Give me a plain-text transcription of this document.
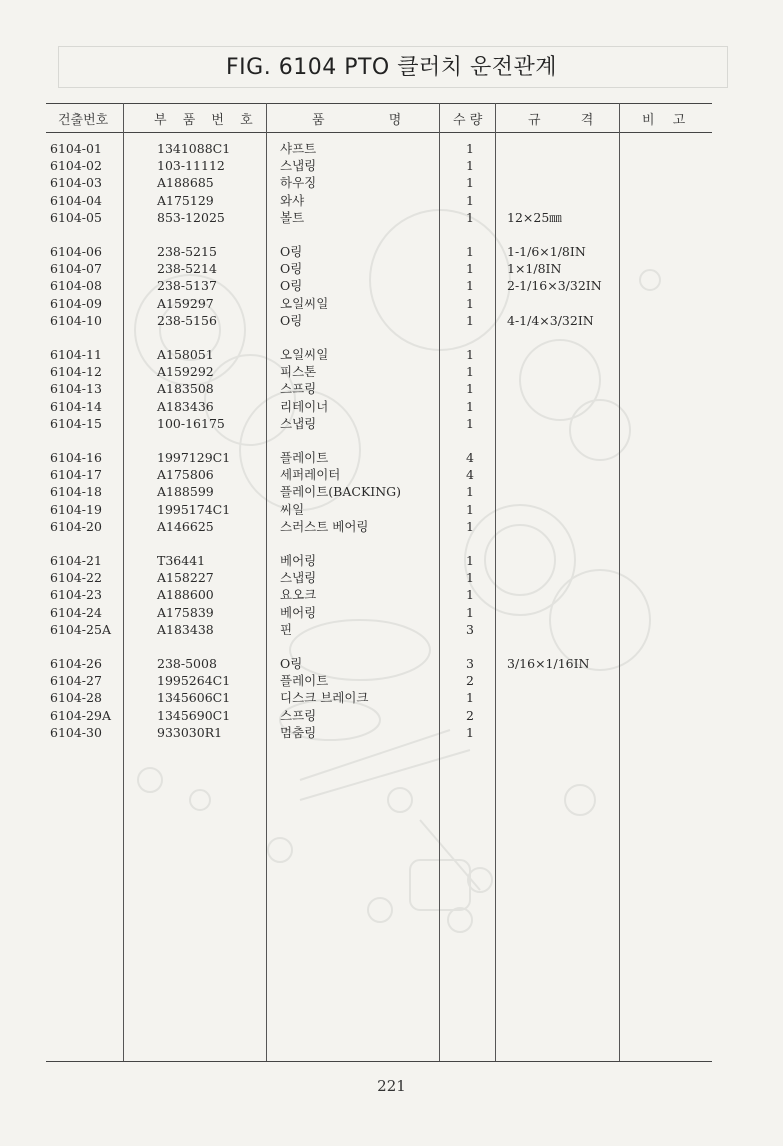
FIG. 6104 PTO 클러치 운전관계
건출번호	부 품 번 호	품 명	수 량	규 격	비 고
6104-01	1341088C1	샤프트	1
6104-02	103-11112	스냅링	1
6104-03	A188685	하우징	1
6104-04	A175129	와샤	1
6104-05	853-12025	볼트	1	12×25㎜
6104-06	238-5215	O링	1	1-1/6×1/8IN
6104-07	238-5214	O링	1	1×1/8IN
6104-08	238-5137	O링	1	2-1/16×3/32IN
6104-09	A159297	오일씨일	1
6104-10	238-5156	O링	1	4-1/4×3/32IN
6104-11	A158051	오일씨일	1
6104-12	A159292	피스톤	1
6104-13	A183508	스프링	1
6104-14	A183436	리테이너	1
6104-15	100-16175	스냅링	1
6104-16	1997129C1	플레이트	4
6104-17	A175806	세퍼레이터	4
6104-18	A188599	플레이트(BACKING)	1
6104-19	1995174C1	씨일	1
6104-20	A146625	스러스트 베어링	1
6104-21	T36441	베어링	1
6104-22	A158227	스냅링	1
6104-23	A188600	요오크	1
6104-24	A175839	베어링	1
6104-25A	A183438	핀	3
6104-26	238-5008	O링	3	3/16×1/16IN
6104-27	1995264C1	플레이트	2
6104-28	1345606C1	디스크 브레이크	1
6104-29A	1345690C1	스프링	2
6104-30	933030R1	멈춤링	1
221
